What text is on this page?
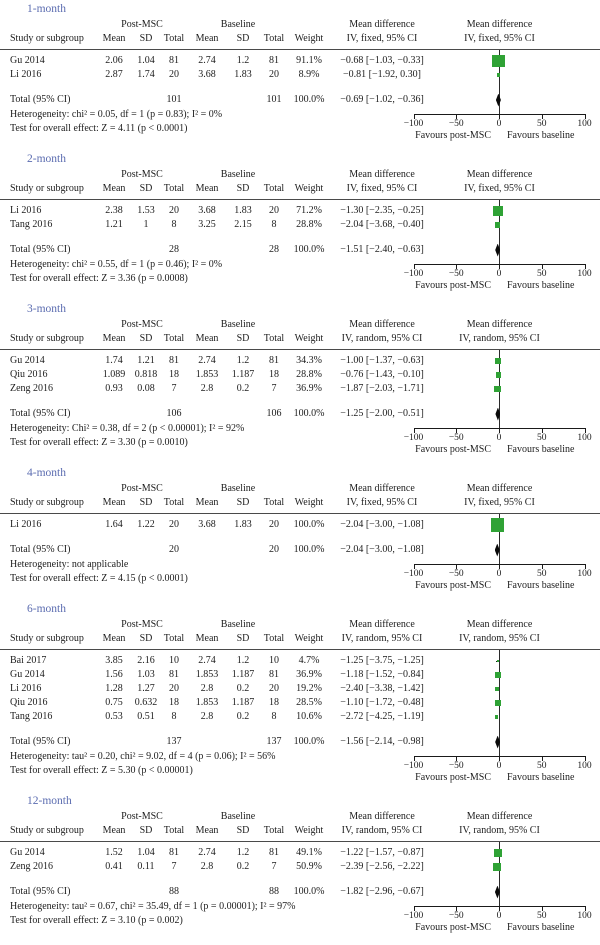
1-month
Post-MSC	Baseline	Mean difference
Study or subgroup	Mean	SD	Total	Mean	SD	Total	Weight	IV, fixed, 95% CI
Gu 2014	2.06	1.04	81	2.74	1.2	81	91.1%	−0.68 [−1.03, −0.33]
Li 2016	2.87	1.74	20	3.68	1.83	20	8.9%	−0.81 [−1.92, 0.30]
Total (95% CI)	101	101	100.0%	−0.69 [−1.02, −0.36]
Heterogeneity: chi² = 0.05, df = 1 (p = 0.83); I² = 0%
Test for overall effect: Z = 4.11 (p < 0.0001)
Mean difference
IV, fixed, 95% CI
−100	−50	0	50	100
Favours post-MSC Favours baseline
2-month
Post-MSC	Baseline	Mean difference
Study or subgroup	Mean	SD	Total	Mean	SD	Total	Weight	IV, fixed, 95% CI
Li 2016	2.38	1.53	20	3.68	1.83	20	71.2%	−1.30 [−2.35, −0.25]
Tang 2016	1.21	1	8	3.25	2.15	8	28.8%	−2.04 [−3.68, −0.40]
Total (95% CI)	28	28	100.0%	−1.51 [−2.40, −0.63]
Heterogeneity: chi² = 0.55, df = 1 (p = 0.46); I² = 0%
Test for overall effect: Z = 3.36 (p = 0.0008)
Mean difference
IV, fixed, 95% CI
−100	−50	0	50	100
Favours post-MSC Favours baseline
3-month
Post-MSC	Baseline	Mean difference
Study or subgroup	Mean	SD	Total	Mean	SD	Total	Weight	IV, random, 95% CI
Gu 2014	1.74	1.21	81	2.74	1.2	81	34.3%	−1.00 [−1.37, −0.63]
Qiu 2016	1.089 0.818	18	1.853	1.187	18	28.8%	−0.76 [−1.43, −0.10]
Zeng 2016	0.93	0.08	7	2.8	0.2	7	36.9%	−1.87 [−2.03, −1.71]
Total (95% CI)	106	106	100.0%	−1.25 [−2.00, −0.51]
Heterogeneity: Chi² = 0.38, df = 2 (p < 0.00001); I² = 92%
Test for overall effect: Z = 3.30 (p = 0.0010)
Mean difference
IV, random, 95% CI
−100	−50	0	50	100
Favours post-MSC Favours baseline
4-month
Post-MSC	Baseline	Mean difference
Study or subgroup	Mean	SD	Total	Mean	SD	Total	Weight	IV, fixed, 95% CI
Li 2016	1.64	1.22	20	3.68	1.83	20	100.0%	−2.04 [−3.00, −1.08]
Total (95% CI)	20	20	100.0%	−2.04 [−3.00, −1.08]
Heterogeneity: not applicable
Test for overall effect: Z = 4.15 (p < 0.0001)
Mean difference
IV, fixed, 95% CI
−100	−50	0	50	100
Favours post-MSC Favours baseline
6-month
Post-MSC	Baseline	Mean difference
Study or subgroup	Mean	SD	Total	Mean	SD	Total	Weight	IV, random, 95% CI
Bai 2017	3.85	2.16	10	2.74	1.2	10	4.7%	−1.25 [−3.75, −1.25]
Gu 2014	1.56	1.03	81	1.853	1.187	81	36.9%	−1.18 [−1.52, −0.84]
Li 2016	1.28	1.27	20	2.8	0.2	20	19.2%	−2.40 [−3.38, −1.42]
Qiu 2016	0.75	0.632	18	1.853	1.187	18	28.5%	−1.10 [−1.72, −0.48]
Tang 2016	0.53	0.51	8	2.8	0.2	8	10.6%	−2.72 [−4.25, −1.19]
Total (95% CI)	137	137	100.0%	−1.56 [−2.14, −0.98]
Heterogeneity: tau² = 0.20, chi² = 9.02, df = 4 (p = 0.06); I² = 56%
Test for overall effect: Z = 5.30 (p < 0.00001)
Mean difference
IV, random, 95% CI
−100	−50	0	50	100
Favours post-MSC Favours baseline
12-month
Post-MSC	Baseline	Mean difference
Study or subgroup	Mean	SD	Total	Mean	SD	Total	Weight	IV, random, 95% CI
Gu 2014	1.52	1.04	81	2.74	1.2	81	49.1%	−1.22 [−1.57, −0.87]
Zeng 2016	0.41	0.11	7	2.8	0.2	7	50.9%	−2.39 [−2.56, −2.22]
Total (95% CI)	88	88	100.0%	−1.82 [−2.96, −0.67]
Heterogeneity: tau² = 0.67, chi² = 35.49, df = 1 (p = 0.00001); I² = 97%
Test for overall effect: Z = 3.10 (p = 0.002)
Mean difference
IV, random, 95% CI
−100	−50	0	50	100
Favours post-MSC Favours baseline
